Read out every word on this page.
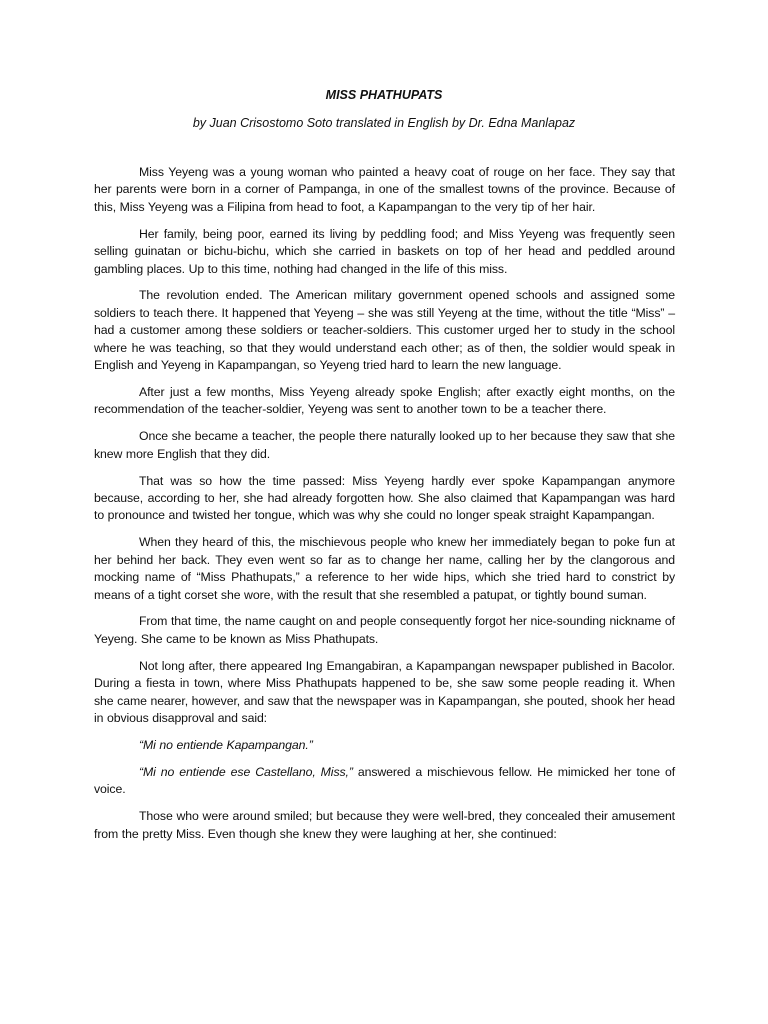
MISS PHATHUPATS
by Juan Crisostomo Soto translated in English by Dr. Edna Manlapaz

Miss Yeyeng was a young woman who painted a heavy coat of rouge on her face. They say that her parents were born in a corner of Pampanga, in one of the smallest towns of the province. Because of this, Miss Yeyeng was a Filipina from head to foot, a Kapampangan to the very tip of her hair.

Her family, being poor, earned its living by peddling food; and Miss Yeyeng was frequently seen selling guinatan or bichu-bichu, which she carried in baskets on top of her head and peddled around gambling places. Up to this time, nothing had changed in the life of this miss.

The revolution ended. The American military government opened schools and assigned some soldiers to teach there. It happened that Yeyeng – she was still Yeyeng at the time, without the title “Miss” – had a customer among these soldiers or teacher-soldiers. This customer urged her to study in the school where he was teaching, so that they would understand each other; as of then, the soldier would speak in English and Yeyeng in Kapampangan, so Yeyeng tried hard to learn the new language.

After just a few months, Miss Yeyeng already spoke English; after exactly eight months, on the recommendation of the teacher-soldier, Yeyeng was sent to another town to be a teacher there.

Once she became a teacher, the people there naturally looked up to her because they saw that she knew more English that they did.

That was so how the time passed: Miss Yeyeng hardly ever spoke Kapampangan anymore because, according to her, she had already forgotten how. She also claimed that Kapampangan was hard to pronounce and twisted her tongue, which was why she could no longer speak straight Kapampangan.

When they heard of this, the mischievous people who knew her immediately began to poke fun at her behind her back. They even went so far as to change her name, calling her by the clangorous and mocking name of “Miss Phathupats,” a reference to her wide hips, which she tried hard to constrict by means of a tight corset she wore, with the result that she resembled a patupat, or tightly bound suman.

From that time, the name caught on and people consequently forgot her nice-sounding nickname of Yeyeng. She came to be known as Miss Phathupats.

Not long after, there appeared Ing Emangabiran, a Kapampangan newspaper published in Bacolor. During a fiesta in town, where Miss Phathupats happened to be, she saw some people reading it. When she came nearer, however, and saw that the newspaper was in Kapampangan, she pouted, shook her head in obvious disapproval and said:

“Mi no entiende Kapampangan.”

“Mi no entiende ese Castellano, Miss,” answered a mischievous fellow. He mimicked her tone of voice.

Those who were around smiled; but because they were well-bred, they concealed their amusement from the pretty Miss. Even though she knew they were laughing at her, she continued:
